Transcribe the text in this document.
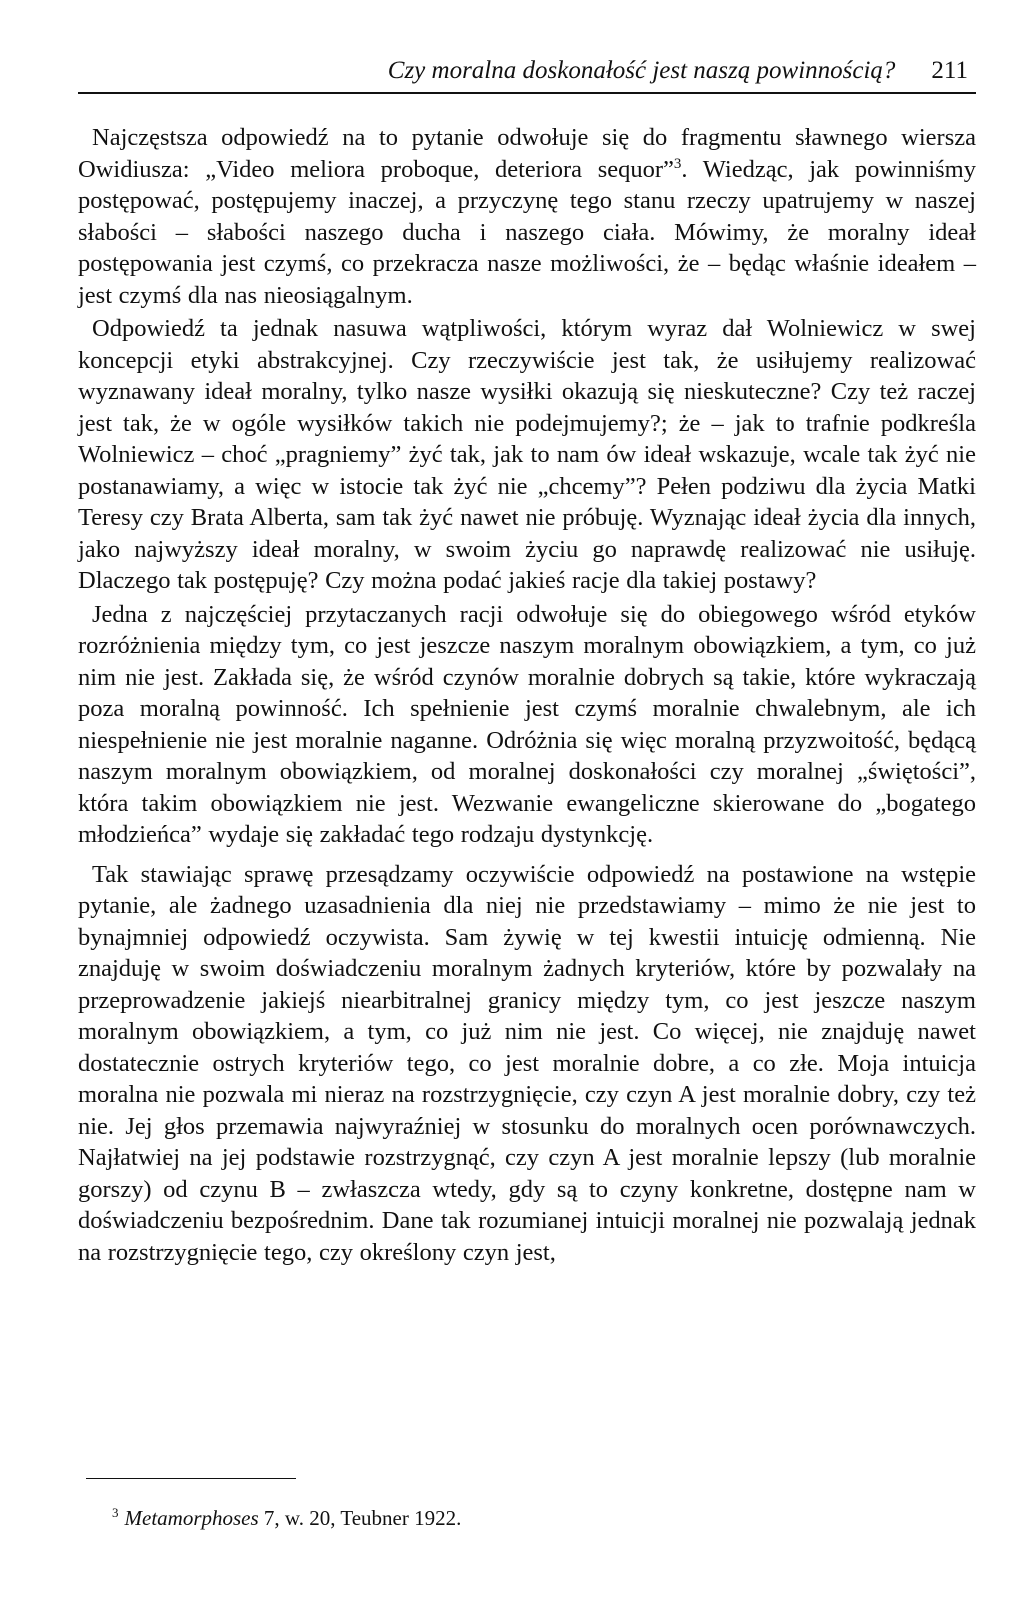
Czy moralna doskonałość jest naszą powinnością? 211

Najczęstsza odpowiedź na to pytanie odwołuje się do fragmentu sławnego wiersza Owidiusza: „Video meliora proboque, deteriora sequor”$^3$. Wiedząc, jak powinniśmy postępować, postępujemy inaczej, a przyczynę tego stanu rzeczy upatrujemy w naszej słabości – słabości naszego ducha i naszego ciała. Mówimy, że moralny ideał postępowania jest czymś, co przekracza nasze możliwości, że – będąc właśnie ideałem – jest czymś dla nas nieosiągalnym.

Odpowiedź ta jednak nasuwa wątpliwości, którym wyraz dał Wolniewicz w swej koncepcji etyki abstrakcyjnej. Czy rzeczywiście jest tak, że usiłujemy realizować wyznawany ideał moralny, tylko nasze wysiłki okazują się nieskuteczne? Czy też raczej jest tak, że w ogóle wysiłków takich nie podejmujemy?; że – jak to trafnie podkreśla Wolniewicz – choć „pragniemy” żyć tak, jak to nam ów ideał wskazuje, wcale tak żyć nie postanawiamy, a więc w istocie tak żyć nie „chcemy”? Pełen podziwu dla życia Matki Teresy czy Brata Alberta, sam tak żyć nawet nie próbuję. Wyznając ideał życia dla innych, jako najwyższy ideał moralny, w swoim życiu go naprawdę realizować nie usiłuję. Dlaczego tak postępuję? Czy można podać jakieś racje dla takiej postawy?

Jedna z najczęściej przytaczanych racji odwołuje się do obiegowego wśród etyków rozróżnienia między tym, co jest jeszcze naszym moralnym obowiązkiem, a tym, co już nim nie jest. Zakłada się, że wśród czynów moralnie dobrych są takie, które wykraczają poza moralną powinność. Ich spełnienie jest czymś moralnie chwalebnym, ale ich niespełnienie nie jest moralnie naganne. Odróżnia się więc moralną przyzwoitość, będącą naszym moralnym obowiązkiem, od moralnej doskonałości czy moralnej „świętości”, która takim obowiązkiem nie jest. Wezwanie ewangeliczne skierowane do „bogatego młodzieńca” wydaje się zakładać tego rodzaju dystynkcję.

Tak stawiając sprawę przesądzamy oczywiście odpowiedź na postawione na wstępie pytanie, ale żadnego uzasadnienia dla niej nie przedstawiamy – mimo że nie jest to bynajmniej odpowiedź oczywista. Sam żywię w tej kwestii intuicję odmienną. Nie znajduję w swoim doświadczeniu moralnym żadnych kryteriów, które by pozwalały na przeprowadzenie jakiejś niearbitralnej granicy między tym, co jest jeszcze naszym moralnym obowiązkiem, a tym, co już nim nie jest. Co więcej, nie znajduję nawet dostatecznie ostrych kryteriów tego, co jest moralnie dobre, a co złe. Moja intuicja moralna nie pozwala mi nieraz na rozstrzygnięcie, czy czyn A jest moralnie dobry, czy też nie. Jej głos przemawia najwyraźniej w stosunku do moralnych ocen porównawczych. Najłatwiej na jej podstawie rozstrzygnąć, czy czyn A jest moralnie lepszy (lub moralnie gorszy) od czynu B – zwłaszcza wtedy, gdy są to czyny konkretne, dostępne nam w doświadczeniu bezpośrednim. Dane tak rozumianej intuicji moralnej nie pozwalają jednak na rozstrzygnięcie tego, czy określony czyn jest,

$^3$ Metamorphoses 7, w. 20, Teubner 1922.
